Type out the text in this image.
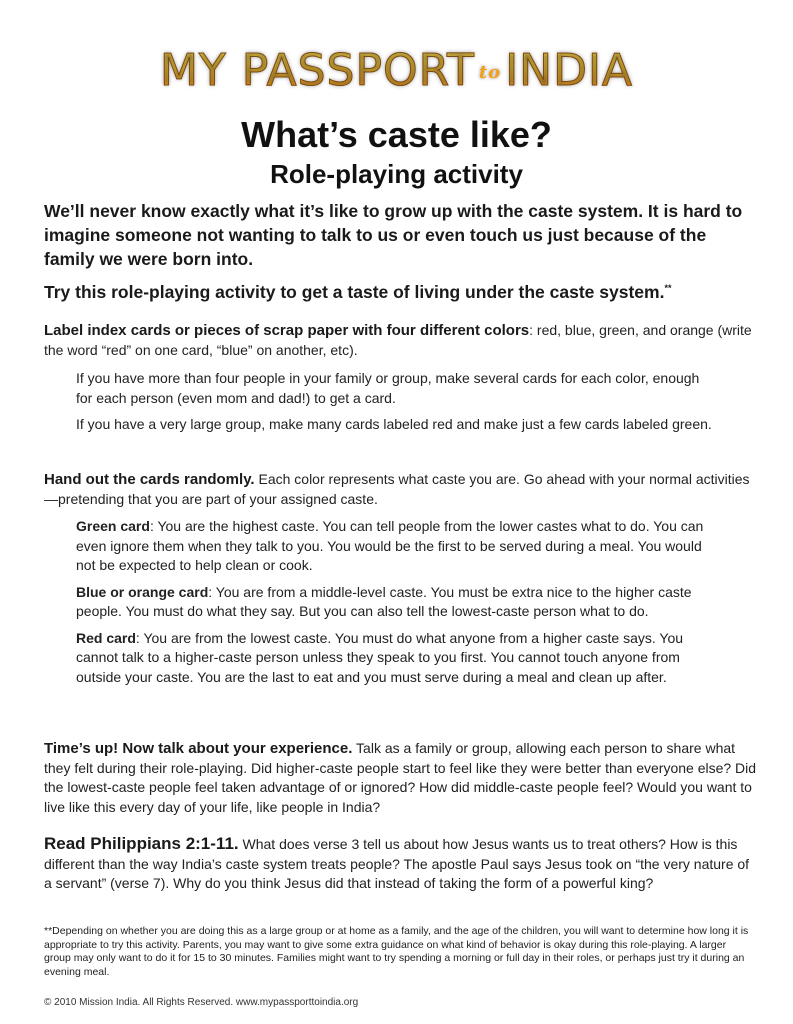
MY PASSPORT toINDIA
What’s caste like?
Role-playing activity

We’ll never know exactly what it’s like to grow up with the caste system. It is hard to imagine someone not wanting to talk to us or even touch us just because of the family we were born into.

Try this role-playing activity to get a taste of living under the caste system.**

Label index cards or pieces of scrap paper with four different colors: red, blue, green, and orange (write the word “red” on one card, “blue” on another, etc).

If you have more than four people in your family or group, make several cards for each color, enough for each person (even mom and dad!) to get a card.

If you have a very large group, make many cards labeled red and make just a few cards labeled green.

Hand out the cards randomly. Each color represents what caste you are. Go ahead with your normal activities—pretending that you are part of your assigned caste.

Green card: You are the highest caste. You can tell people from the lower castes what to do. You can even ignore them when they talk to you. You would be the first to be served during a meal. You would not be expected to help clean or cook.

Blue or orange card: You are from a middle-level caste. You must be extra nice to the higher caste people. You must do what they say. But you can also tell the lowest-caste person what to do.

Red card: You are from the lowest caste. You must do what anyone from a higher caste says. You cannot talk to a higher-caste person unless they speak to you first. You cannot touch anyone from outside your caste. You are the last to eat and you must serve during a meal and clean up after.

Time’s up! Now talk about your experience. Talk as a family or group, allowing each person to share what they felt during their role-playing. Did higher-caste people start to feel like they were better than everyone else? Did the lowest-caste people feel taken advantage of or ignored? How did middle-caste people feel? Would you want to live like this every day of your life, like people in India?

Read Philippians 2:1-11. What does verse 3 tell us about how Jesus wants us to treat others? How is this different than the way India’s caste system treats people? The apostle Paul says Jesus took on “the very nature of a servant” (verse 7). Why do you think Jesus did that instead of taking the form of a powerful king?

**Depending on whether you are doing this as a large group or at home as a family, and the age of the children, you will want to determine how long it is appropriate to try this activity. Parents, you may want to give some extra guidance on what kind of behavior is okay during this role-playing. A larger group may only want to do it for 15 to 30 minutes. Families might want to try spending a morning or full day in their roles, or perhaps just try it during an evening meal.
© 2010 Mission India. All Rights Reserved. www.mypassporttoindia.org
